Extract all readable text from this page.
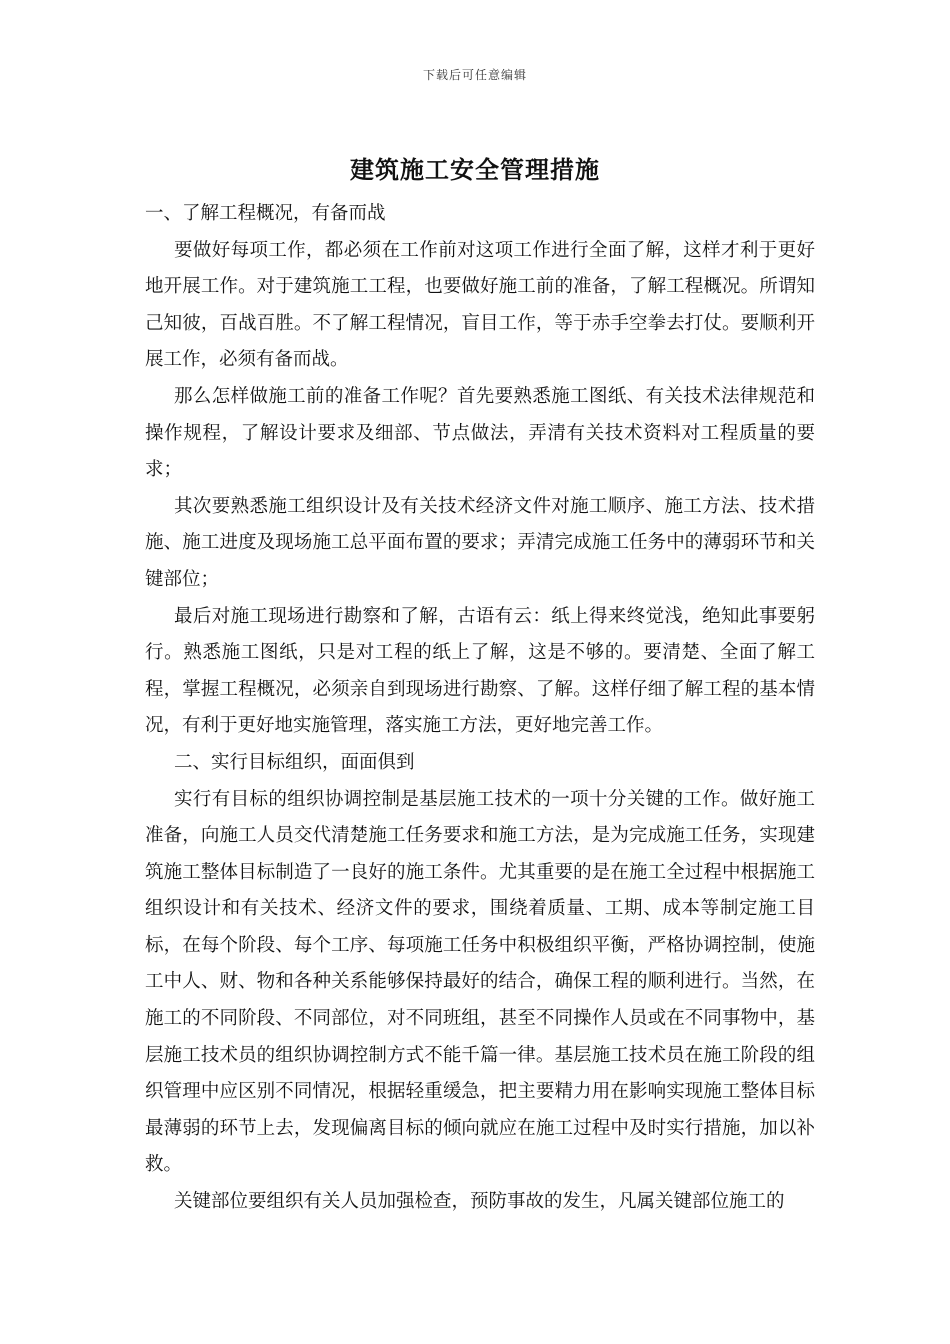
下载后可任意编辑
建筑施工安全管理措施

一、了解工程概况，有备而战

要做好每项工作，都必须在工作前对这项工作进行全面了解，这样才利于更好地开展工作。对于建筑施工工程，也要做好施工前的准备，了解工程概况。所谓知己知彼，百战百胜。不了解工程情况，盲目工作，等于赤手空拳去打仗。要顺利开展工作，必须有备而战。

那么怎样做施工前的准备工作呢？首先要熟悉施工图纸、有关技术法律规范和操作规程，了解设计要求及细部、节点做法，弄清有关技术资料对工程质量的要求；

其次要熟悉施工组织设计及有关技术经济文件对施工顺序、施工方法、技术措施、施工进度及现场施工总平面布置的要求；弄清完成施工任务中的薄弱环节和关键部位；

最后对施工现场进行勘察和了解，古语有云：纸上得来终觉浅，绝知此事要躬行。熟悉施工图纸，只是对工程的纸上了解，这是不够的。要清楚、全面了解工程，掌握工程概况，必须亲自到现场进行勘察、了解。这样仔细了解工程的基本情况，有利于更好地实施管理，落实施工方法，更好地完善工作。

二、实行目标组织，面面俱到

实行有目标的组织协调控制是基层施工技术的一项十分关键的工作。做好施工准备，向施工人员交代清楚施工任务要求和施工方法，是为完成施工任务，实现建筑施工整体目标制造了一良好的施工条件。尤其重要的是在施工全过程中根据施工组织设计和有关技术、经济文件的要求，围绕着质量、工期、成本等制定施工目标，在每个阶段、每个工序、每项施工任务中积极组织平衡，严格协调控制，使施工中人、财、物和各种关系能够保持最好的结合，确保工程的顺利进行。当然，在施工的不同阶段、不同部位，对不同班组，甚至不同操作人员或在不同事物中，基层施工技术员的组织协调控制方式不能千篇一律。基层施工技术员在施工阶段的组织管理中应区别不同情况，根据轻重缓急，把主要精力用在影响实现施工整体目标最薄弱的环节上去，发现偏离目标的倾向就应在施工过程中及时实行措施，加以补救。

关键部位要组织有关人员加强检查，预防事故的发生，凡属关键部位施工的
